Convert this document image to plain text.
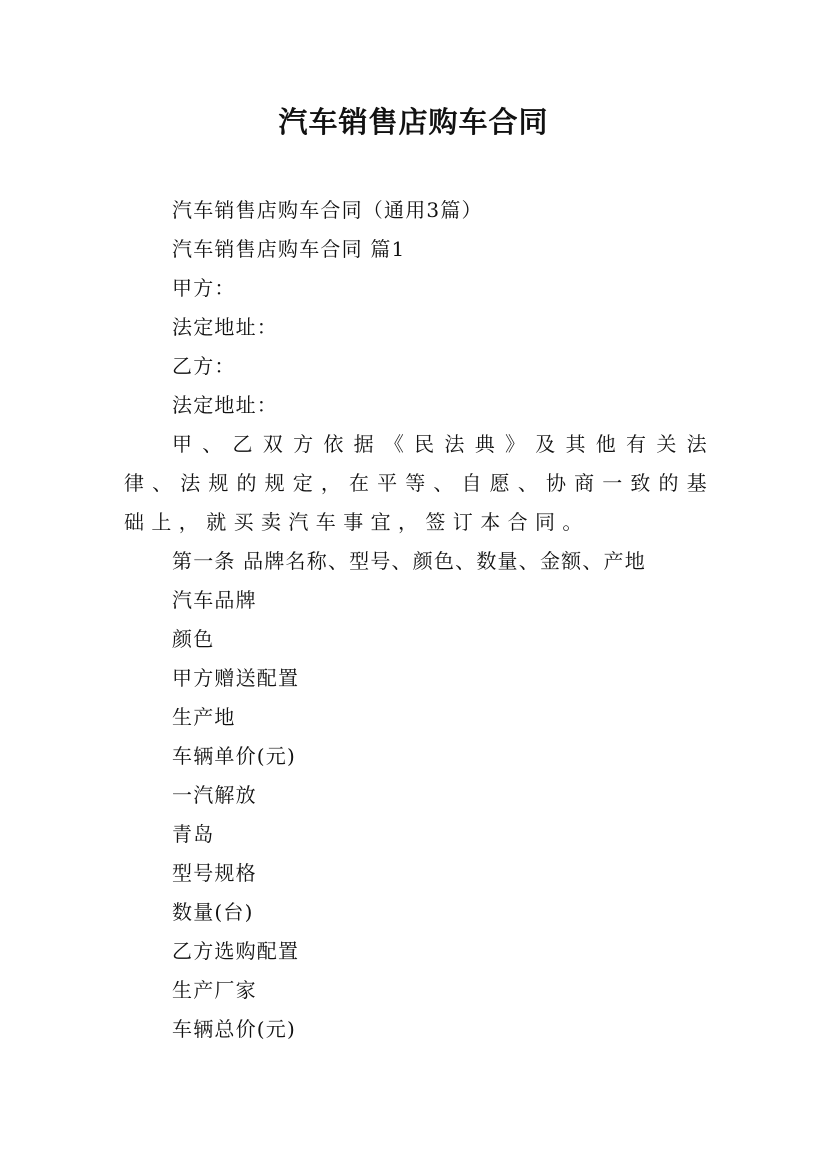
汽车销售店购车合同

汽车销售店购车合同（通用3篇）

汽车销售店购车合同 篇1

甲方：

法定地址：

乙方：

法定地址：

甲、乙双方依据《民法典》及其他有关法律、法规的规定，在平等、自愿、协商一致的基础上，就买卖汽车事宜，签订本合同。

第一条 品牌名称、型号、颜色、数量、金额、产地

汽车品牌

颜色

甲方赠送配置

生产地

车辆单价(元)

一汽解放

青岛

型号规格

数量(台)

乙方选购配置

生产厂家

车辆总价(元)
